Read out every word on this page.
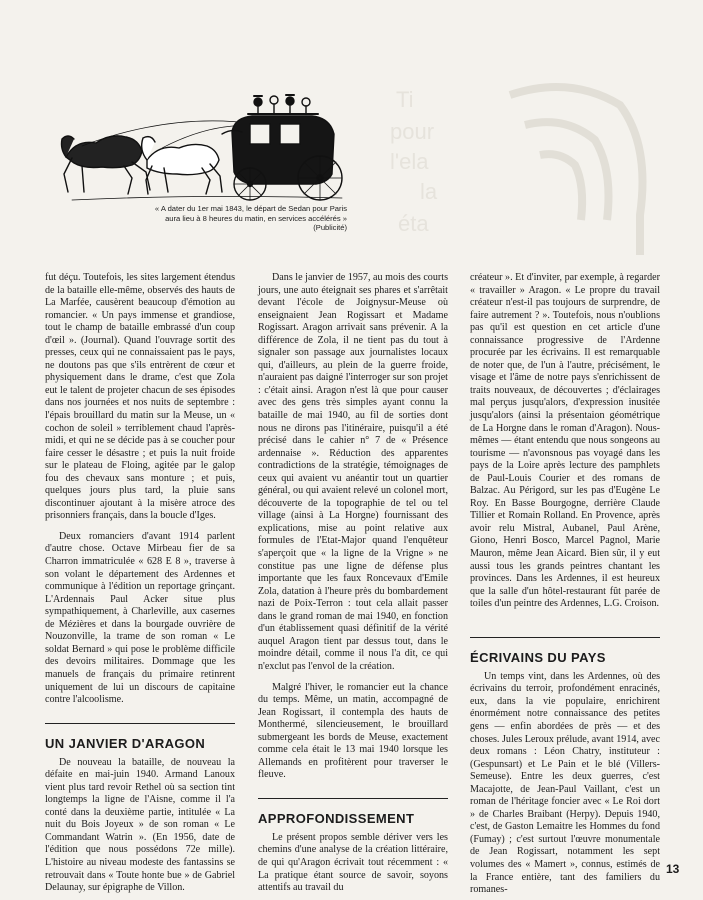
« A dater du 1er mai 1843, le départ de Sedan pour Paris
aura lieu à 8 heures du matin, en services accélérés »
(Publicité)
Ti
pour
l'ela
la
éta

fut déçu. Toutefois, les sites largement étendus de la bataille elle-même, observés des hauts de La Marfée, causèrent beaucoup d'émotion au romancier. « Un pays immense et grandiose, tout le champ de bataille embrassé d'un coup d'œil ». (Journal). Quand l'ouvrage sortit des presses, ceux qui ne connaissaient pas le pays, ne doutons pas que s'ils entrèrent de cœur et physiquement dans le drame, c'est que Zola eut le talent de projeter chacun de ses épisodes dans nos journées et nos nuits de septembre : l'épais brouillard du matin sur la Meuse, un « cochon de soleil » terriblement chaud l'après-midi, et qui ne se décide pas à se coucher pour faire cesser le désastre ; et puis la nuit froide sur le plateau de Floing, agitée par le galop fou des chevaux sans monture ; et puis, quelques jours plus tard, la pluie sans discontinuer ajoutant à la misère atroce des prisonniers français, dans la boucle d'Iges.

Deux romanciers d'avant 1914 parlent d'autre chose. Octave Mirbeau fier de sa Charron immatriculée « 628 E 8 », traverse à son volant le département des Ardennes et communique à l'édition un reportage grinçant. L'Ardennais Paul Acker situe plus sympathiquement, à Charleville, aux casernes de Mézières et dans la bourgade ouvrière de Nouzonville, la trame de son roman « Le soldat Bernard » qui pose le problème difficile des devoirs militaires. Dommage que les manuels de français du primaire retinrent uniquement de lui un discours de capitaine contre l'alcoolisme.

UN JANVIER D'ARAGON

De nouveau la bataille, de nouveau la défaite en mai-juin 1940. Armand Lanoux vient plus tard revoir Rethel où sa section tint longtemps la ligne de l'Aisne, comme il l'a conté dans la deuxième partie, intitulée « La nuit du Bois Joyeux » de son roman « Le Commandant Watrin ». (En 1956, date de l'édition que nous possédons 72e mille). L'histoire au niveau modeste des fantassins se retrouvait dans « Toute honte bue » de Gabriel Delaunay, sur épigraphe de Villon.

Dans le janvier de 1957, au mois des courts jours, une auto éteignait ses phares et s'arrêtait devant l'école de Joignysur-Meuse où enseignaient Jean Rogissart et Madame Rogissart. Aragon arrivait sans prévenir. A la différence de Zola, il ne tient pas du tout à signaler son passage aux journalistes locaux qui, d'ailleurs, au plein de la guerre froide, n'auraient pas daigné l'interroger sur son projet : c'était ainsi. Aragon n'est là que pour causer avec des gens très simples ayant connu la bataille de mai 1940, au fil de sorties dont nous ne dirons pas l'itinéraire, puisqu'il a été précisé dans le cahier n° 7 de « Présence ardennaise ». Réduction des apparentes contradictions de la stratégie, témoignages de ceux qui avaient vu anéantir tout un quartier général, ou qui avaient relevé un colonel mort, découverte de la topographie de tel ou tel village (ainsi à La Horgne) fournissant des explications, mise au point relative aux formules de l'Etat-Major quand l'enquêteur s'aperçoit que « la ligne de la Vrigne » ne constitue pas une ligne de défense plus importante que les faux Roncevaux d'Emile Zola, datation à l'heure près du bombardement nazi de Poix-Terron : tout cela allait passer dans le grand roman de mai 1940, en fonction d'un établissement quasi définitif de la vérité auquel Aragon tient par dessus tout, dans le moindre détail, comme il nous l'a dit, ce qui n'exclut pas l'envol de la création.

Malgré l'hiver, le romancier eut la chance du temps. Même, un matin, accompagné de Jean Rogissart, il contempla des hauts de Monthermé, silencieusement, le brouillard submergeant les bords de Meuse, exactement comme cela était le 13 mai 1940 lorsque les Allemands en profitèrent pour traverser le fleuve.

APPROFONDISSEMENT

Le présent propos semble dériver vers les chemins d'une analyse de la création littéraire, de qui qu'Aragon écrivait tout récemment : « La pratique étant source de savoir, soyons attentifs au travail du

créateur ». Et d'inviter, par exemple, à regarder « travailler » Aragon. « Le propre du travail créateur n'est-il pas toujours de surprendre, de faire autrement ? ». Toutefois, nous n'oublions pas qu'il est question en cet article d'une connaissance progressive de l'Ardenne procurée par les écrivains. Il est remarquable de noter que, de l'un à l'autre, précisément, le visage et l'âme de notre pays s'enrichissent de traits nouveaux, de découvertes ; d'éclairages mal perçus jusqu'alors, d'expression inusitée jusqu'alors (ainsi la présentaion géométrique de La Horgne dans le roman d'Aragon). Nous-mêmes — étant entendu que nous songeons au tourisme — n'avonsnous pas voyagé dans les pays de la Loire après lecture des pamphlets de Paul-Louis Courier et des romans de Balzac. Au Périgord, sur les pas d'Eugène Le Roy. En Basse Bourgogne, derrière Claude Tillier et Romain Rolland. En Provence, après avoir relu Mistral, Aubanel, Paul Arène, Giono, Henri Bosco, Marcel Pagnol, Marie Mauron, même Jean Aicard. Bien sûr, il y eut aussi tous les grands peintres chantant les provinces. Dans les Ardennes, il est heureux que la salle d'un hôtel-restaurant fût parée de toiles d'un peintre des Ardennes, L.G. Croison.

ÉCRIVAINS DU PAYS

Un temps vint, dans les Ardennes, où des écrivains du terroir, profondément enracinés, eux, dans la vie populaire, enrichirent énormément notre connaissance des petites gens — enfin abordées de près — et des choses. Jules Leroux prélude, avant 1914, avec deux romans : Léon Chatry, instituteur : (Gespunsart) et Le Pain et le blé (Villers-Semeuse). Entre les deux guerres, c'est Macajotte, de Jean-Paul Vaillant, c'est un roman de l'héritage foncier avec « Le Roi dort » de Charles Braibant (Herpy). Depuis 1940, c'est, de Gaston Lemaitre les Hommes du fond (Fumay) ; c'est surtout l'œuvre monumentale de Jean Rogissart, notamment les sept volumes des « Mamert », connus, estimés de la France entière, tant des familiers du romanes-

13
